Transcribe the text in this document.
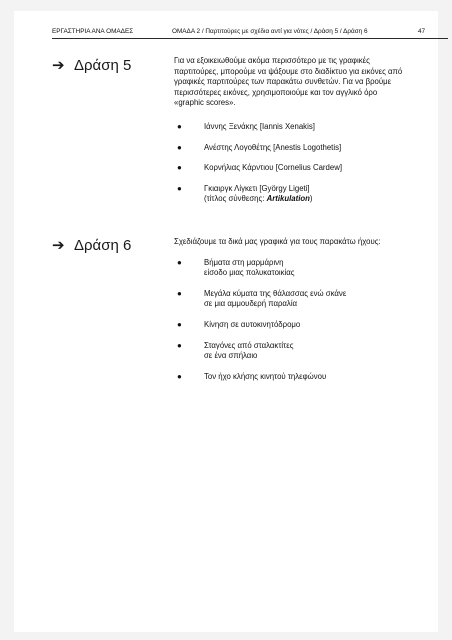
ΕΡΓΑΣΤΗΡΙΑ ΑΝΑ ΟΜΑΔΕΣ	ΟΜΑΔΑ 2 / Παρτιτούρες με σχέδια αντί για νότες / Δράση 5 / Δράση 6	47
➔ Δράση 5	Για να εξοικειωθούμε ακόμα περισσότερο με τις γραφικές παρτιτούρες, μπορούμε να ψάξουμε στο διαδίκτυο για εικόνες από γραφικές παρτιτούρες των παρακάτω συνθετών. Για να βρούμε περισσότερες εικόνες, χρησιμοποιούμε και τον αγγλικό όρο «graphic scores».

●	Ιάννης Ξενάκης [Iannis Xenakis]
●	Ανέστης Λογοθέτης [Anestis Logothetis]
●	Κορνήλιας Κάρντιου [Cornelius Cardew]
●	Γκιαιργκ Λίγκετι [György Ligeti]
(τίτλος σύνθεσης: Artikulation)
➔ Δράση 6	Σχεδιάζουμε τα δικά μας γραφικά για τους παρακάτω ήχους:

●	Βήματα στη μαρμάρινη
είσοδο μιας πολυκατοικίας
●	Μεγάλα κύματα της θάλασσας ενώ σκάνε
σε μια αμμουδερή παραλία
●	Κίνηση σε αυτοκινητόδρομο
●	Σταγόνες από σταλακτίτες
σε ένα σπήλαιο
●	Τον ήχο κλήσης κινητού τηλεφώνου
